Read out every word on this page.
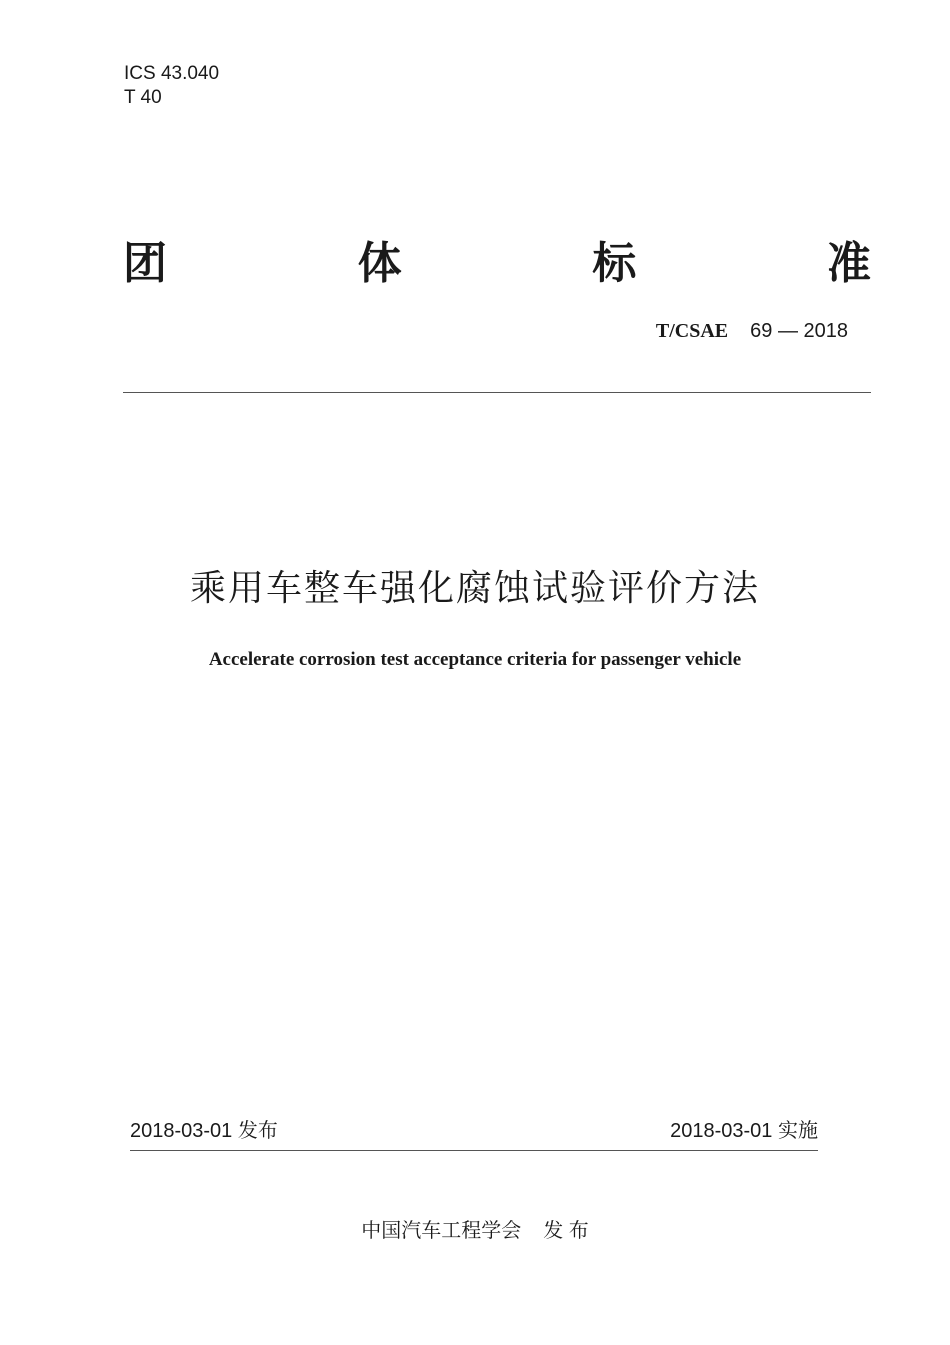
ICS 43.040
T 40
团	体	标	准
T/CSAE 69 — 2018
乘用车整车强化腐蚀试验评价方法
Accelerate corrosion test acceptance criteria for passenger vehicle
2018-03-01 发布	2018-03-01 实施
中国汽车工程学会 发 布
